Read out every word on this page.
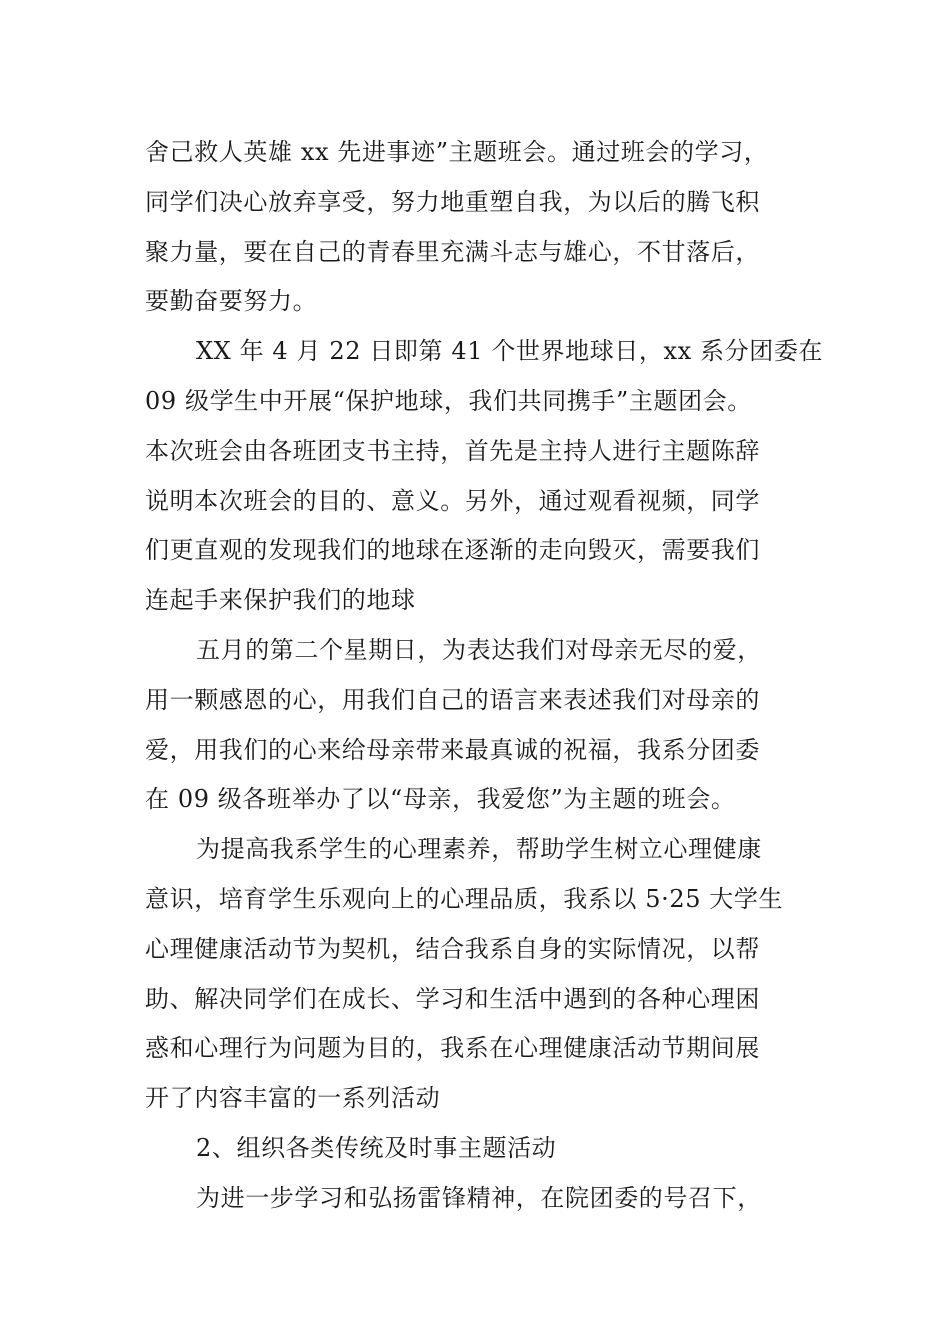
舍己救人英雄 xx 先进事迹”主题班会。通过班会的学习，
同学们决心放弃享受，努力地重塑自我，为以后的腾飞积
聚力量，要在自己的青春里充满斗志与雄心，不甘落后，
要勤奋要努力。
XX 年 4 月 22 日即第 41 个世界地球日，xx 系分团委在
09 级学生中开展“保护地球，我们共同携手”主题团会。
本次班会由各班团支书主持，首先是主持人进行主题陈辞
说明本次班会的目的、意义。另外，通过观看视频，同学
们更直观的发现我们的地球在逐渐的走向毁灭，需要我们
连起手来保护我们的地球
五月的第二个星期日，为表达我们对母亲无尽的爱，
用一颗感恩的心，用我们自己的语言来表述我们对母亲的
爱，用我们的心来给母亲带来最真诚的祝福，我系分团委
在 09 级各班举办了以“母亲，我爱您”为主题的班会。
为提高我系学生的心理素养，帮助学生树立心理健康
意识，培育学生乐观向上的心理品质，我系以 5·25 大学生
心理健康活动节为契机，结合我系自身的实际情况，以帮
助、解决同学们在成长、学习和生活中遇到的各种心理困
惑和心理行为问题为目的，我系在心理健康活动节期间展
开了内容丰富的一系列活动
2、组织各类传统及时事主题活动
为进一步学习和弘扬雷锋精神，在院团委的号召下，
